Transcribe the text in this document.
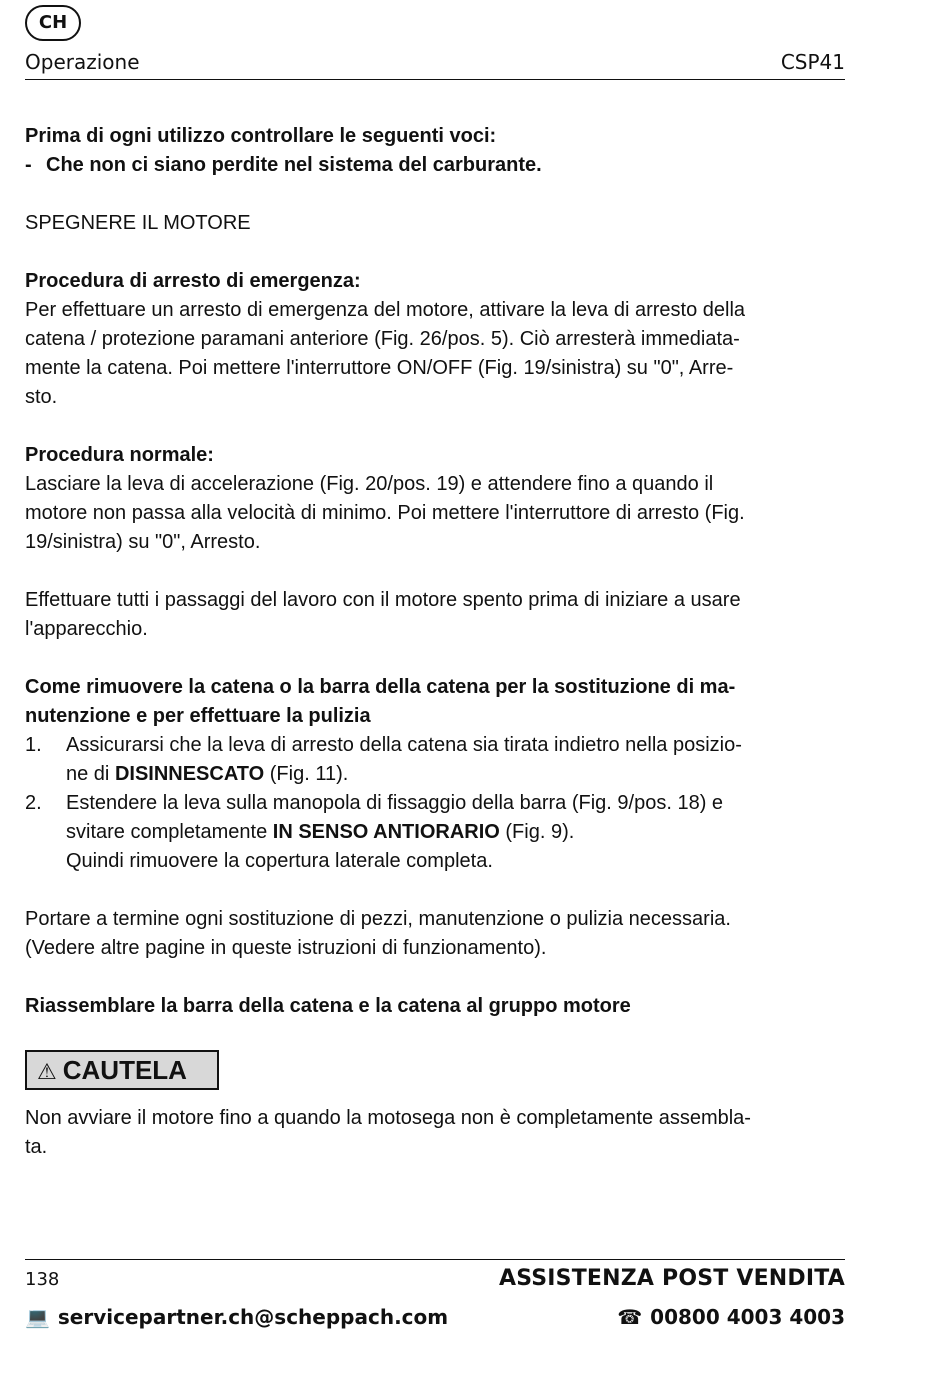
CH
Operazione	CSP41

Prima di ogni utilizzo controllare le seguenti voci:

- Che non ci siano perdite nel sistema del carburante.

SPEGNERE IL MOTORE

Procedura di arresto di emergenza:

Per effettuare un arresto di emergenza del motore, attivare la leva di arresto della

catena / protezione paramani anteriore (Fig. 26/pos. 5). Ciò arresterà immediata-

mente la catena. Poi mettere l'interruttore ON/OFF (Fig. 19/sinistra) su "0", Arre-

sto.

Procedura normale:

Lasciare la leva di accelerazione (Fig. 20/pos. 19) e attendere fino a quando il

motore non passa alla velocità di minimo. Poi mettere l'interruttore di arresto (Fig.

19/sinistra) su "0", Arresto.

Effettuare tutti i passaggi del lavoro con il motore spento prima di iniziare a usare

l'apparecchio.

Come rimuovere la catena o la barra della catena per la sostituzione di ma-

nutenzione e per effettuare la pulizia

1. Assicurarsi che la leva di arresto della catena sia tirata indietro nella posizio-

ne di DISINNESCATO (Fig. 11).

2. Estendere la leva sulla manopola di fissaggio della barra (Fig. 9/pos. 18) e

svitare completamente IN SENSO ANTIORARIO (Fig. 9).

Quindi rimuovere la copertura laterale completa.

Portare a termine ogni sostituzione di pezzi, manutenzione o pulizia necessaria.

(Vedere altre pagine in queste istruzioni di funzionamento).

Riassemblare la barra della catena e la catena al gruppo motore

⚠ CAUTELA

Non avviare il motore fino a quando la motosega non è completamente assembla-

ta.

138	ASSISTENZA POST VENDITA
💻 servicepartner.ch@scheppach.com	☎ 00800 4003 4003
